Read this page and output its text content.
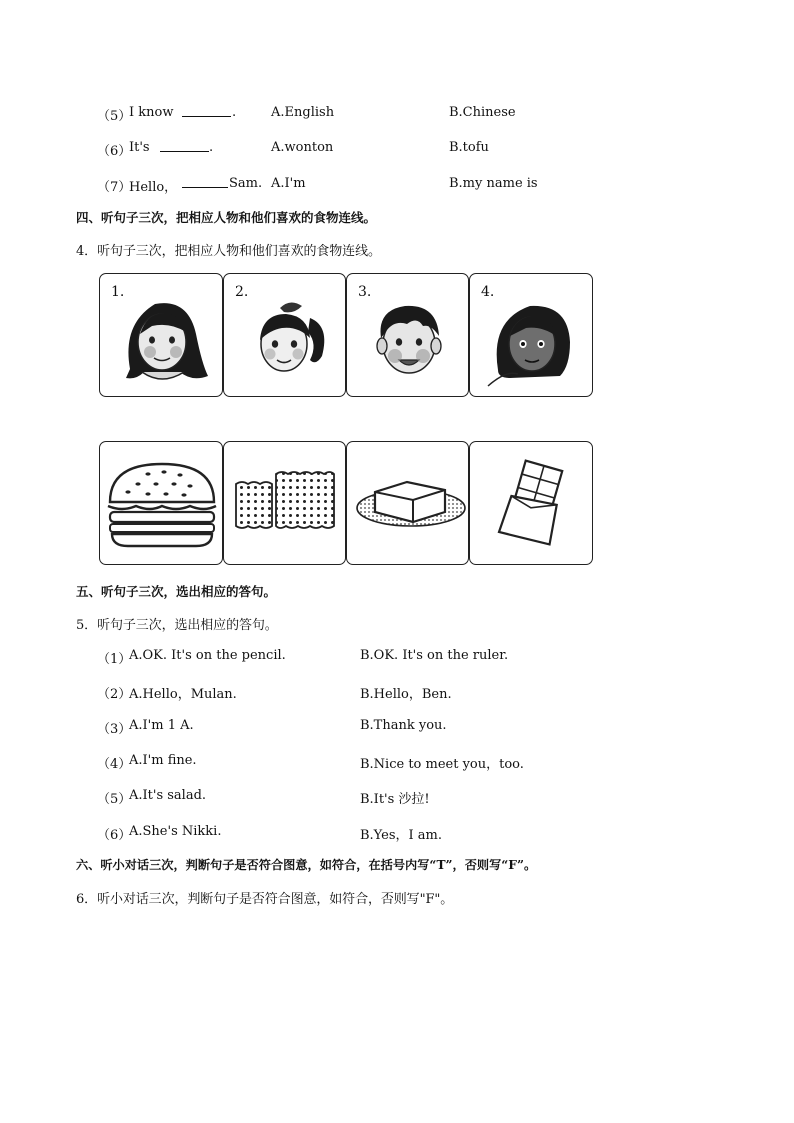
（5）
I know	.	A.English	B.Chinese
（6）
It's	.	A.wonton	B.tofu
（7）
Hello，	Sam. A.I'm	B.my name is
四、听句子三次，把相应人物和他们喜欢的食物连线。
4．听句子三次，把相应人物和他们喜欢的食物连线。
1.	2.	3.	4.
五、听句子三次，选出相应的答句。
5．听句子三次，选出相应的答句。
（1）
A.OK. It's on the pencil.	B.OK. It's on the ruler.
（2）
A.Hello，Mulan.	B.Hello，Ben.
（3）
A.I'm 1 A.	B.Thank you.
（4）
A.I'm fine.	B.Nice to meet you，too.
（5）
A.It's salad.	B.It's 沙拉!
（6）
A.She's Nikki.	B.Yes，I am.
六、听小对话三次，判断句子是否符合图意，如符合，在括号内写“T”，否则写“F”。
6．听小对话三次，判断句子是否符合图意，如符合，否则写"F"。
